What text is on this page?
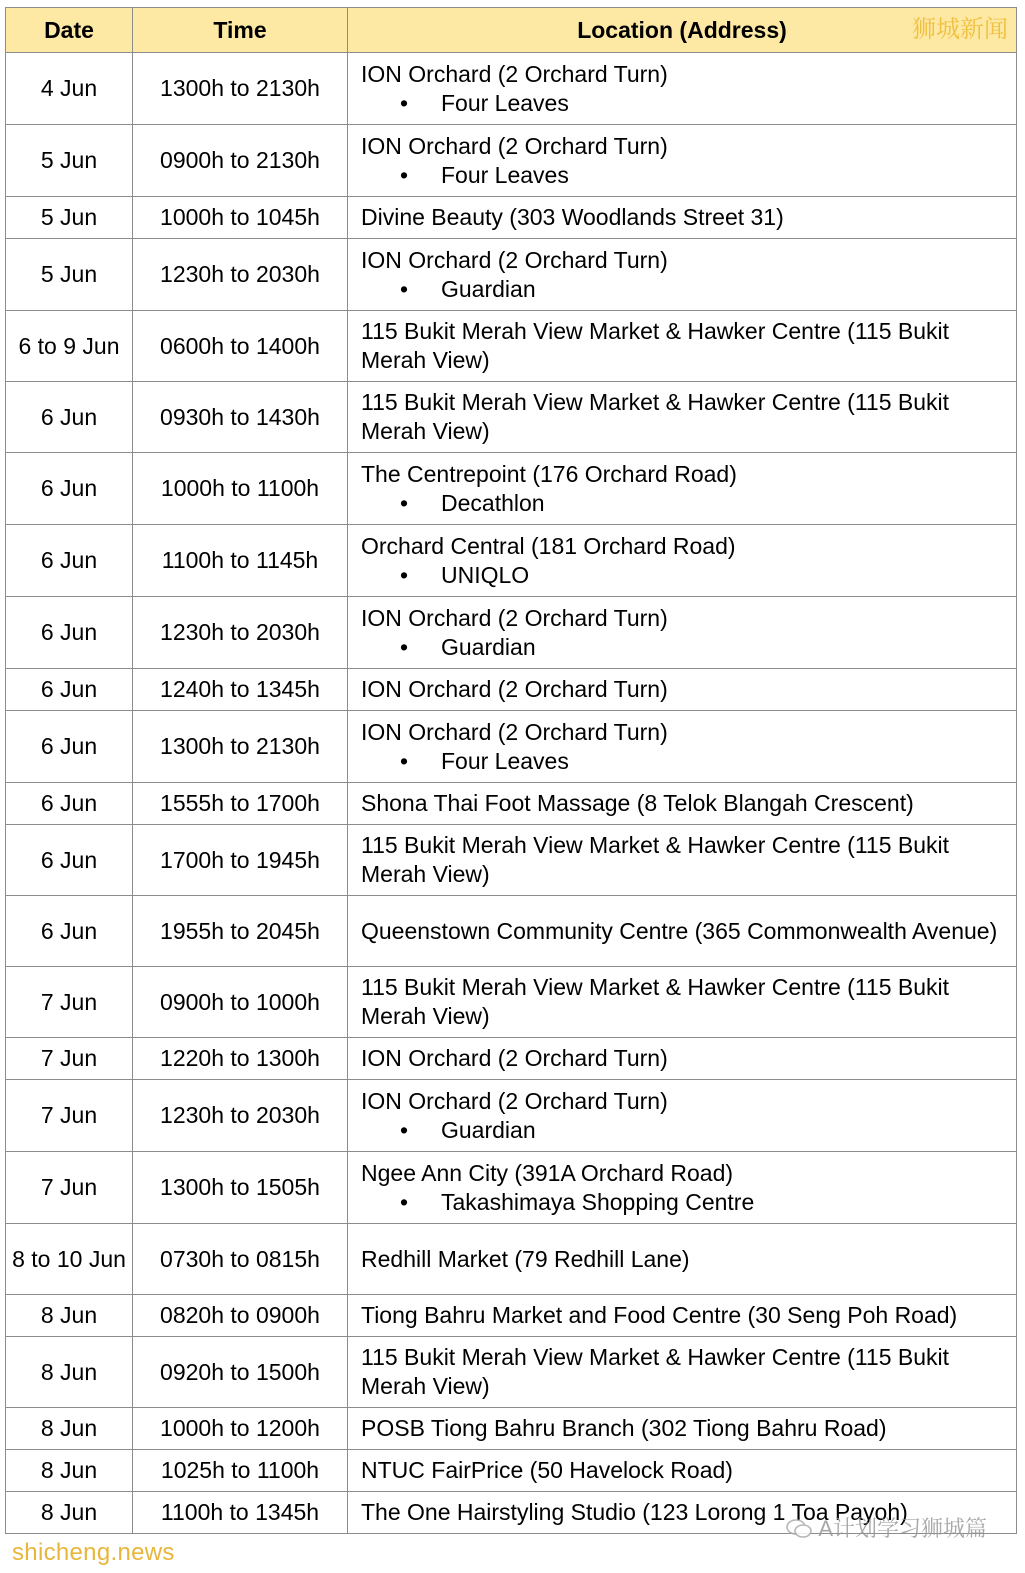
Date	Time	Location (Address) 狮城新闻

4 Jun	1300h to 2130h	ION Orchard (2 Orchard Turn)
• Four Leaves

5 Jun	0900h to 2130h	ION Orchard (2 Orchard Turn)
• Four Leaves

5 Jun	1000h to 1045h	Divine Beauty (303 Woodlands Street 31)

5 Jun	1230h to 2030h	ION Orchard (2 Orchard Turn)
• Guardian

6 to 9 Jun	0600h to 1400h	115 Bukit Merah View Market & Hawker Centre (115 Bukit Merah View)

6 Jun	0930h to 1430h	115 Bukit Merah View Market & Hawker Centre (115 Bukit Merah View)

6 Jun	1000h to 1100h	The Centrepoint (176 Orchard Road)
• Decathlon

6 Jun	1100h to 1145h	Orchard Central (181 Orchard Road)
• UNIQLO

6 Jun	1230h to 2030h	ION Orchard (2 Orchard Turn)
• Guardian

6 Jun	1240h to 1345h	ION Orchard (2 Orchard Turn)

6 Jun	1300h to 2130h	ION Orchard (2 Orchard Turn)
• Four Leaves

6 Jun	1555h to 1700h	Shona Thai Foot Massage (8 Telok Blangah Crescent)

6 Jun	1700h to 1945h	115 Bukit Merah View Market & Hawker Centre (115 Bukit Merah View)

6 Jun	1955h to 2045h	Queenstown Community Centre (365 Commonwealth Avenue)

7 Jun	0900h to 1000h	115 Bukit Merah View Market & Hawker Centre (115 Bukit Merah View)

7 Jun	1220h to 1300h	ION Orchard (2 Orchard Turn)

7 Jun	1230h to 2030h	ION Orchard (2 Orchard Turn)
• Guardian

7 Jun	1300h to 1505h	Ngee Ann City (391A Orchard Road)
• Takashimaya Shopping Centre

8 to 10 Jun	0730h to 0815h	Redhill Market (79 Redhill Lane)

8 Jun	0820h to 0900h	Tiong Bahru Market and Food Centre (30 Seng Poh Road)

8 Jun	0920h to 1500h	115 Bukit Merah View Market & Hawker Centre (115 Bukit Merah View)

8 Jun	1000h to 1200h	POSB Tiong Bahru Branch (302 Tiong Bahru Road)

8 Jun	1025h to 1100h	NTUC FairPrice (50 Havelock Road)

8 Jun	1100h to 1345h	The One Hairstyling Studio (123 Lorong 1 Toa Payoh)
A计划学习狮城篇
shicheng.news
